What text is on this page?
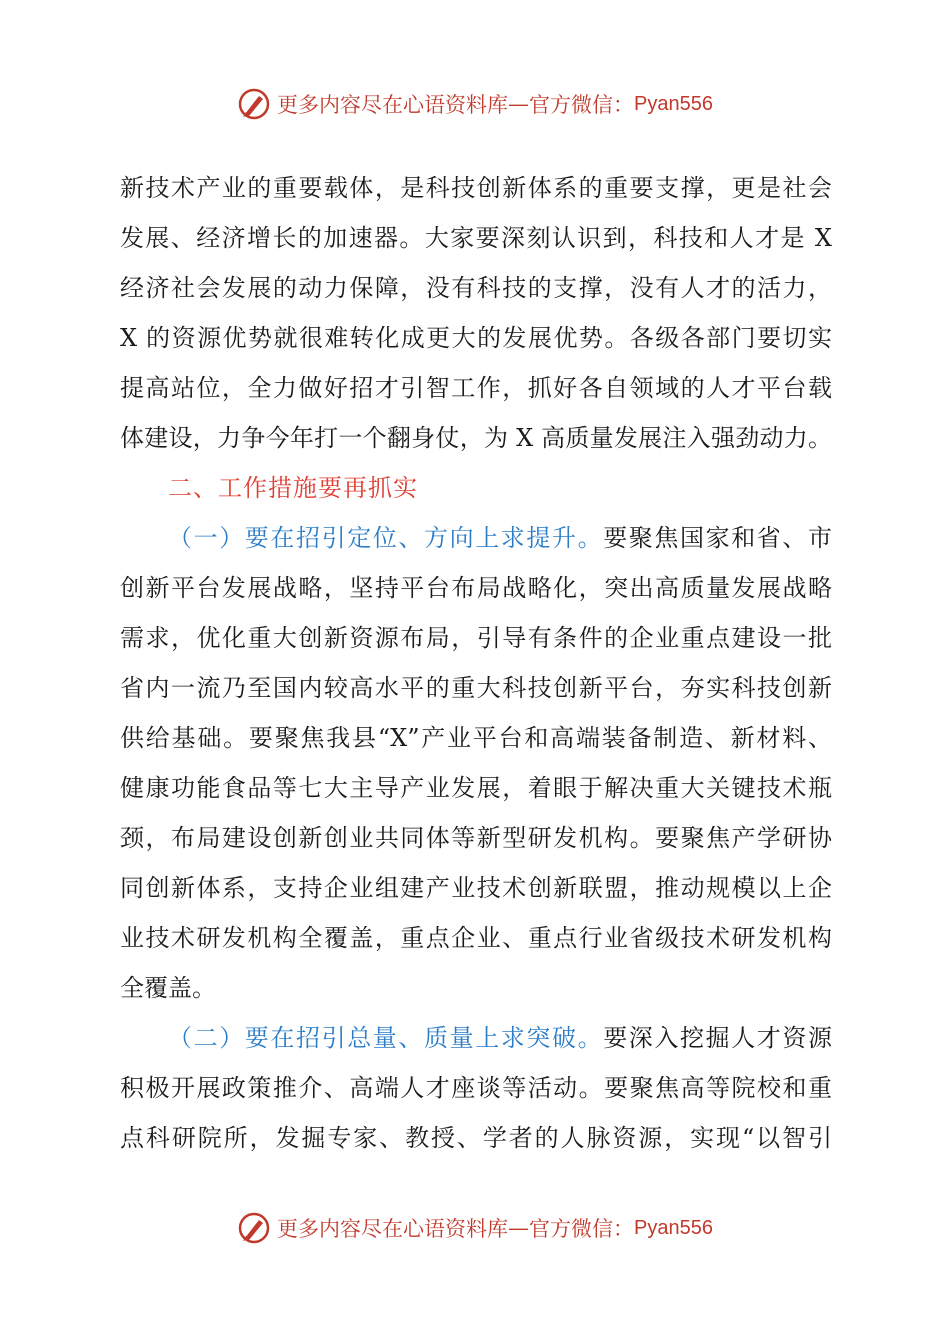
更多内容尽在心语资料库 — 官方微信： Pyan556
新技术产业的重要载体，是科技创新体系的重要支撑，更是社会
发展、经济增长的加速器。大家要深刻认识到，科技和人才是 X
经济社会发展的动力保障，没有科技的支撑，没有人才的活力，
X 的资源优势就很难转化成更大的发展优势。各级各部门要切实
提高站位，全力做好招才引智工作，抓好各自领域的人才平台载
体建设，力争今年打一个翻身仗，为 X 高质量发展注入强劲动力。
二、工作措施要再抓实
（一）要在招引定位、方向上求提升。要聚焦国家和省、市
创新平台发展战略，坚持平台布局战略化，突出高质量发展战略
需求，优化重大创新资源布局，引导有条件的企业重点建设一批
省内一流乃至国内较高水平的重大科技创新平台，夯实科技创新
供给基础。要聚焦我县“X”产业平台和高端装备制造、新材料、
健康功能食品等七大主导产业发展，着眼于解决重大关键技术瓶
颈，布局建设创新创业共同体等新型研发机构。要聚焦产学研协
同创新体系，支持企业组建产业技术创新联盟，推动规模以上企
业技术研发机构全覆盖，重点企业、重点行业省级技术研发机构
全覆盖。
（二）要在招引总量、质量上求突破。要深入挖掘人才资源
积极开展政策推介、高端人才座谈等活动。要聚焦高等院校和重
点科研院所，发掘专家、教授、学者的人脉资源，实现“以智引
更多内容尽在心语资料库 — 官方微信： Pyan556
